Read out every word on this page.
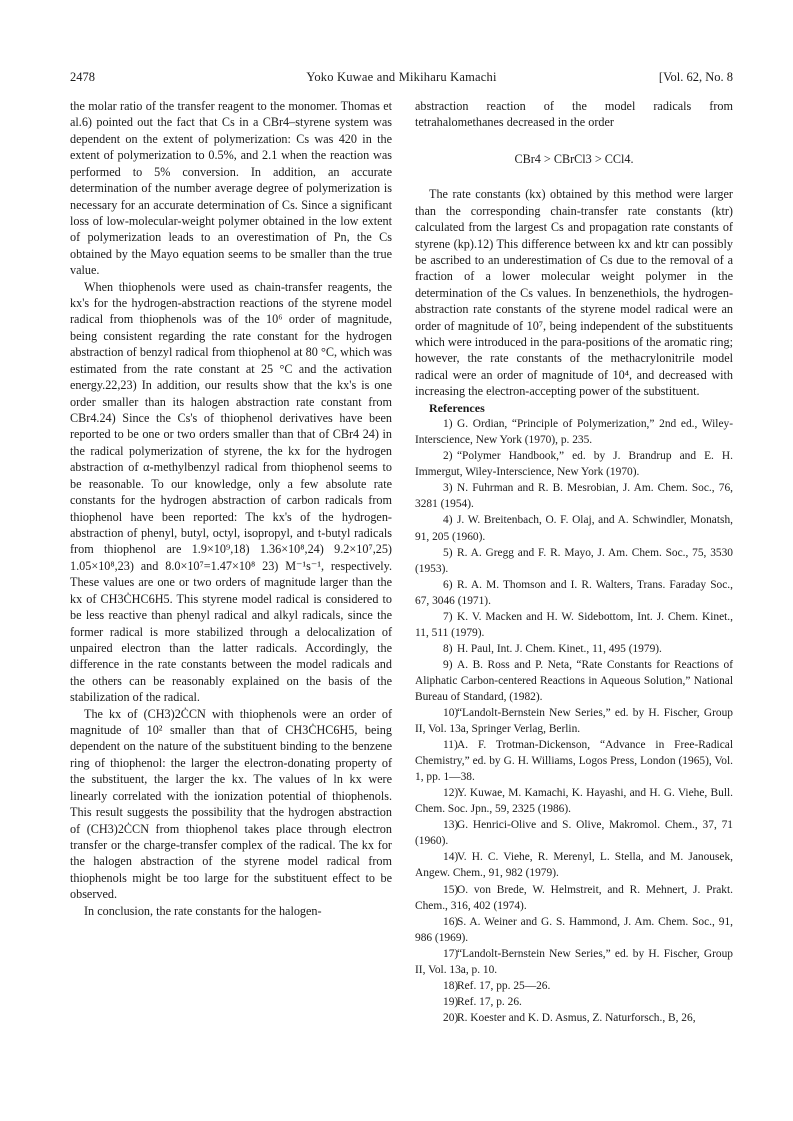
2478	Yoko Kuwae and Mikiharu Kamachi	[Vol. 62, No. 8

the molar ratio of the transfer reagent to the monomer. Thomas et al.6) pointed out the fact that Cs in a CBr4–styrene system was dependent on the extent of polymerization: Cs was 420 in the extent of polymerization to 0.5%, and 2.1 when the reaction was performed to 5% conversion. In addition, an accurate determination of the number average degree of polymerization is necessary for an accurate determination of Cs. Since a significant loss of low-molecular-weight polymer obtained in the low extent of polymerization leads to an overestimation of Pn, the Cs obtained by the Mayo equation seems to be smaller than the true value.

When thiophenols were used as chain-transfer reagents, the kx's for the hydrogen-abstraction reactions of the styrene model radical from thiophenols was of the 10⁶ order of magnitude, being consistent regarding the rate constant for the hydrogen abstraction of benzyl radical from thiophenol at 80 °C, which was estimated from the rate constant at 25 °C and the activation energy.22,23) In addition, our results show that the kx's is one order smaller than its halogen abstraction rate constant from CBr4.24) Since the Cs's of thiophenol derivatives have been reported to be one or two orders smaller than that of CBr4 24) in the radical polymerization of styrene, the kx for the hydrogen abstraction of α-methylbenzyl radical from thiophenol seems to be reasonable. To our knowledge, only a few absolute rate constants for the hydrogen abstraction of carbon radicals from thiophenol have been reported: The kx's of the hydrogen-abstraction of phenyl, butyl, octyl, isopropyl, and t-butyl radicals from thiophenol are 1.9×10⁹,18) 1.36×10⁸,24) 9.2×10⁷,25) 1.05×10⁸,23) and 8.0×10⁷=1.47×10⁸ 23) M⁻¹s⁻¹, respectively. These values are one or two orders of magnitude larger than the kx of CH3ĊHC6H5. This styrene model radical is considered to be less reactive than phenyl radical and alkyl radicals, since the former radical is more stabilized through a delocalization of unpaired electron than the latter radicals. Accordingly, the difference in the rate constants between the model radicals and the others can be reasonably explained on the basis of the stabilization of the radical.

The kx of (CH3)2ĊCN with thiophenols were an order of magnitude of 10² smaller than that of CH3ĊHC6H5, being dependent on the nature of the substituent binding to the benzene ring of thiophenol: the larger the electron-donating property of the substituent, the larger the kx. The values of ln kx were linearly correlated with the ionization potential of thiophenols. This result suggests the possibility that the hydrogen abstraction of (CH3)2ĊCN from thiophenol takes place through electron transfer or the charge-transfer complex of the radical. The kx for the halogen abstraction of the styrene model radical from thiophenols might be too large for the substituent effect to be observed.

In conclusion, the rate constants for the halogen-

abstraction reaction of the model radicals from tetrahalomethanes decreased in the order

CBr4 > CBrCl3 > CCl4.

The rate constants (kx) obtained by this method were larger than the corresponding chain-transfer rate constants (ktr) calculated from the largest Cs and propagation rate constants of styrene (kp).12) This difference between kx and ktr can possibly be ascribed to an underestimation of Cs due to the removal of a fraction of a lower molecular weight polymer in the determination of the Cs values. In benzenethiols, the hydrogen-abstraction rate constants of the styrene model radical were an order of magnitude of 10⁷, being independent of the substituents which were introduced in the para-positions of the aromatic ring; however, the rate constants of the methacrylonitrile model radical were an order of magnitude of 10⁴, and decreased with increasing the electron-accepting power of the substituent.

References

1) G. Ordian, “Principle of Polymerization,” 2nd ed., Wiley-Interscience, New York (1970), p. 235.

2) “Polymer Handbook,” ed. by J. Brandrup and E. H. Immergut, Wiley-Interscience, New York (1970).

3) N. Fuhrman and R. B. Mesrobian, J. Am. Chem. Soc., 76, 3281 (1954).

4) J. W. Breitenbach, O. F. Olaj, and A. Schwindler, Monatsh, 91, 205 (1960).

5) R. A. Gregg and F. R. Mayo, J. Am. Chem. Soc., 75, 3530 (1953).

6) R. A. M. Thomson and I. R. Walters, Trans. Faraday Soc., 67, 3046 (1971).

7) K. V. Macken and H. W. Sidebottom, Int. J. Chem. Kinet., 11, 511 (1979).

8) H. Paul, Int. J. Chem. Kinet., 11, 495 (1979).

9) A. B. Ross and P. Neta, “Rate Constants for Reactions of Aliphatic Carbon-centered Reactions in Aqueous Solution,” National Bureau of Standard, (1982).

10)“Landolt-Bernstein New Series,” ed. by H. Fischer, Group II, Vol. 13a, Springer Verlag, Berlin.

11)A. F. Trotman-Dickenson, “Advance in Free-Radical Chemistry,” ed. by G. H. Williams, Logos Press, London (1965), Vol. 1, pp. 1—38.

12)Y. Kuwae, M. Kamachi, K. Hayashi, and H. G. Viehe, Bull. Chem. Soc. Jpn., 59, 2325 (1986).

13)G. Henrici-Olive and S. Olive, Makromol. Chem., 37, 71 (1960).

14)V. H. C. Viehe, R. Merenyl, L. Stella, and M. Janousek, Angew. Chem., 91, 982 (1979).

15)O. von Brede, W. Helmstreit, and R. Mehnert, J. Prakt. Chem., 316, 402 (1974).

16)S. A. Weiner and G. S. Hammond, J. Am. Chem. Soc., 91, 986 (1969).

17)“Landolt-Bernstein New Series,” ed. by H. Fischer, Group II, Vol. 13a, p. 10.

18)Ref. 17, pp. 25—26.

19)Ref. 17, p. 26.

20)R. Koester and K. D. Asmus, Z. Naturforsch., B, 26,
